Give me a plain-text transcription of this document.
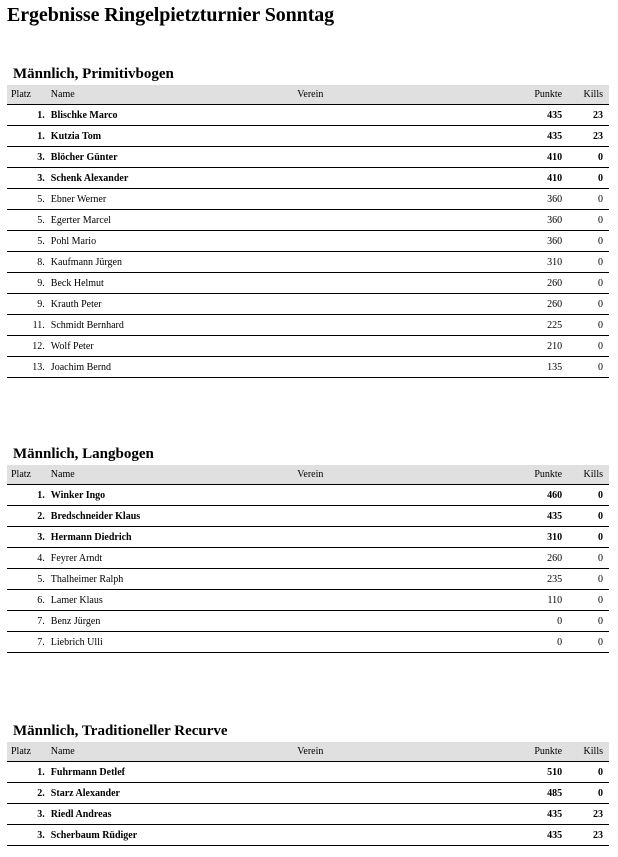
Ergebnisse Ringelpietzturnier Sonntag
Männlich, Primitivbogen
Platz	Name	Verein	Punkte	Kills
1.	Blischke Marco		435	23
1.	Kutzia Tom		435	23
3.	Blöcher Günter		410	0
3.	Schenk Alexander		410	0
5.	Ebner Werner		360	0
5.	Egerter Marcel		360	0
5.	Pohl Mario		360	0
8.	Kaufmann Jürgen		310	0
9.	Beck Helmut		260	0
9.	Krauth Peter		260	0
11.	Schmidt Bernhard		225	0
12.	Wolf Peter		210	0
13.	Joachim Bernd		135	0
Männlich, Langbogen
Platz	Name	Verein	Punkte	Kills
1.	Winker Ingo		460	0
2.	Bredschneider Klaus		435	0
3.	Hermann Diedrich		310	0
4.	Feyrer Arndt		260	0
5.	Thalheimer Ralph		235	0
6.	Lamer Klaus		110	0
7.	Benz Jürgen		0	0
7.	Liebrich Ulli		0	0
Männlich, Traditioneller Recurve
Platz	Name	Verein	Punkte	Kills
1.	Fuhrmann Detlef		510	0
2.	Starz Alexander		485	0
3.	Riedl Andreas		435	23
3.	Scherbaum Rüdiger		435	23
